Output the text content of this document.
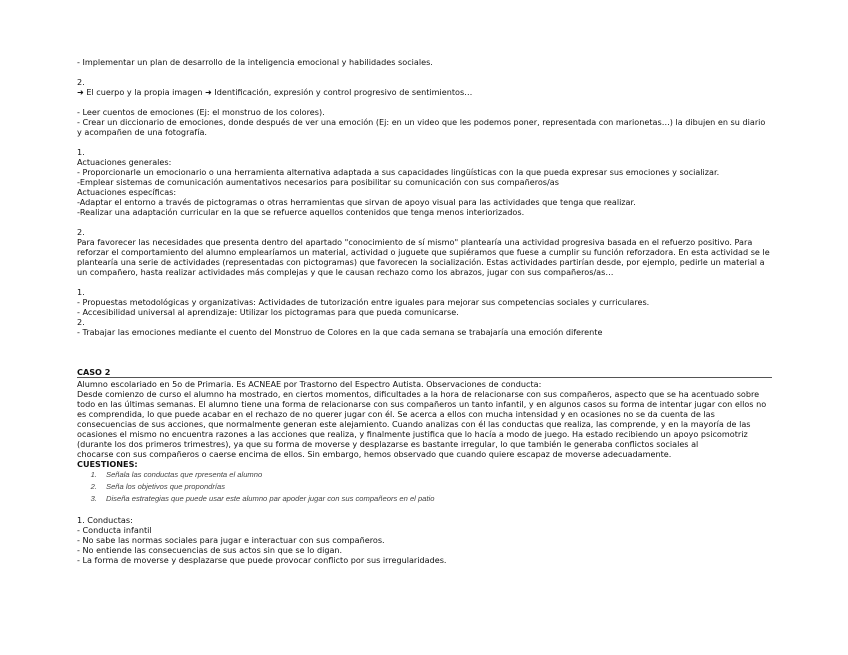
- Implementar un plan de desarrollo de la inteligencia emocional y habilidades sociales.

2.

➜ El cuerpo y la propia imagen ➜ Identificación, expresión y control progresivo de sentimientos…

- Leer cuentos de emociones (Ej: el monstruo de los colores).

- Crear un diccionario de emociones, donde después de ver una emoción (Ej: en un video que les podemos poner, representada con marionetas…) la dibujen en su diario y acompañen de una fotografía.

1.

Actuaciones generales:

- Proporcionarle un emocionario o una herramienta alternativa adaptada a sus capacidades lingüísticas con la que pueda expresar sus emociones y socializar.

-Emplear sistemas de comunicación aumentativos necesarios para posibilitar su comunicación con sus compañeros/as

Actuaciones específicas:

-Adaptar el entorno a través de pictogramas o otras herramientas que sirvan de apoyo visual para las actividades que tenga que realizar.

-Realizar una adaptación curricular en la que se refuerce aquellos contenidos que tenga menos interiorizados.

2.

Para favorecer las necesidades que presenta dentro del apartado "conocimiento de sí mismo" plantearía una actividad progresiva basada en el refuerzo positivo. Para reforzar el comportamiento del alumno emplearíamos un material, actividad o juguete que supiéramos que fuese a cumplir su función reforzadora. En esta actividad se le plantearía una serie de actividades (representadas con pictogramas) que favorecen la socialización. Estas actividades partirían desde, por ejemplo, pedirle un material a un compañero, hasta realizar actividades más complejas y que le causan rechazo como los abrazos, jugar con sus compañeros/as…

1.

- Propuestas metodológicas y organizativas: Actividades de tutorización entre iguales para mejorar sus competencias sociales y curriculares.

- Accesibilidad universal al aprendizaje: Utilizar los pictogramas para que pueda comunicarse.

2.

- Trabajar las emociones mediante el cuento del Monstruo de Colores en la que cada semana se trabajaría una emoción diferente

CASO 2

Alumno escolariado en 5o de Primaria. Es ACNEAE por Trastorno del Espectro Autista. Observaciones de conducta:

Desde comienzo de curso el alumno ha mostrado, en ciertos momentos, dificultades a la hora de relacionarse con sus compañeros, aspecto que se ha acentuado sobre todo en las últimas semanas. El alumno tiene una forma de relacionarse con sus compañeros un tanto infantil, y en algunos casos su forma de intentar jugar con ellos no es comprendida, lo que puede acabar en el rechazo de no querer jugar con él. Se acerca a ellos con mucha intensidad y en ocasiones no se da cuenta de las consecuencias de sus acciones, que normalmente generan este alejamiento. Cuando analizas con él las conductas que realiza, las comprende, y en la mayoría de las ocasiones el mismo no encuentra razones a las acciones que realiza, y finalmente justifica que lo hacía a modo de juego. Ha estado recibiendo un apoyo psicomotriz (durante los dos primeros trimestres), ya que su forma de moverse y desplazarse es bastante irregular, lo que también le generaba conflictos sociales al

chocarse con sus compañeros o caerse encima de ellos. Sin embargo, hemos observado que cuando quiere escapaz de moverse adecuadamente.

CUESTIONES:

1.	Señala las conductas que rpresenta el alumno
2.	Seña los objetivos que propondrías
3.	Diseña estrategias que puede usar este alumno par apoder jugar con sus compañeors en el patio

1. Conductas:

- Conducta infantil

- No sabe las normas sociales para jugar e interactuar con sus compañeros.

- No entiende las consecuencias de sus actos sin que se lo digan.

- La forma de moverse y desplazarse que puede provocar conflicto por sus irregularidades.
